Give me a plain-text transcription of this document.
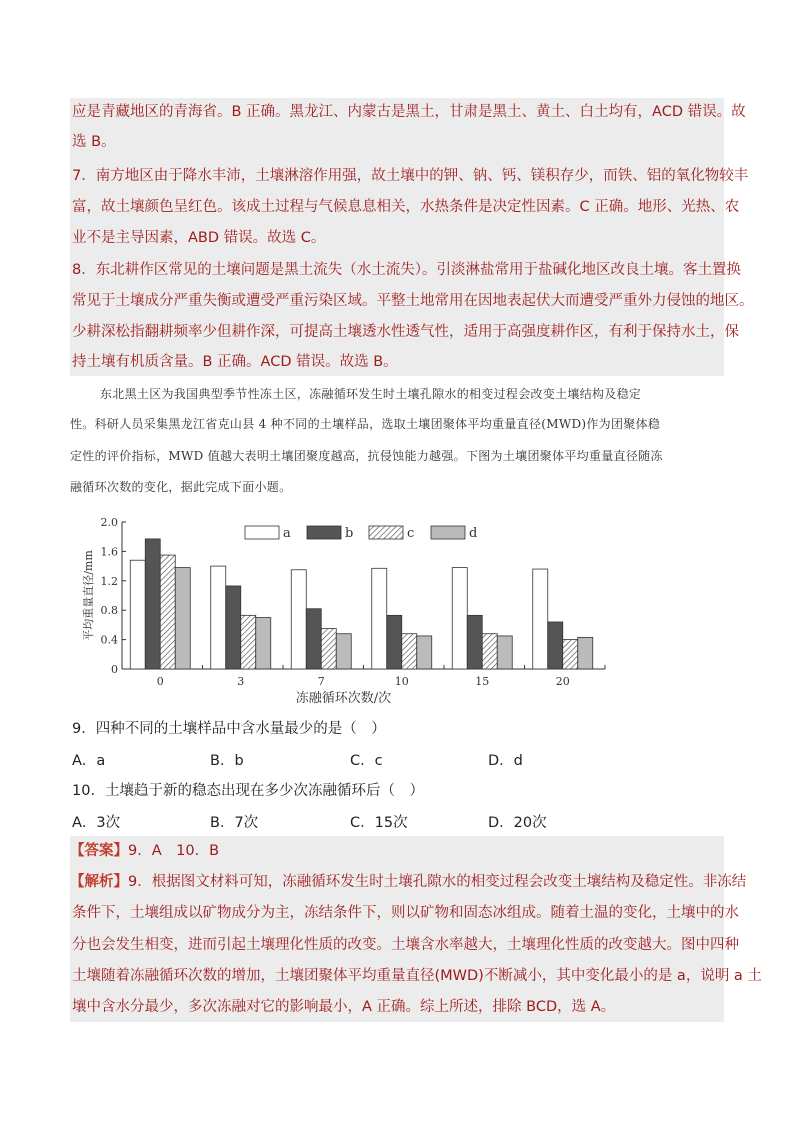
应是青藏地区的青海省。B 正确。黑龙江、内蒙古是黑土，甘肃是黑土、黄土、白土均有，ACD 错误。故
选 B。
7．南方地区由于降水丰沛，土壤淋溶作用强，故土壤中的钾、钠、钙、镁积存少，而铁、铝的氧化物较丰
富，故土壤颜色呈红色。该成土过程与气候息息相关，水热条件是决定性因素。C 正确。地形、光热、农
业不是主导因素，ABD 错误。故选 C。
8．东北耕作区常见的土壤问题是黑土流失（水土流失）。引淡淋盐常用于盐碱化地区改良土壤。客土置换
常见于土壤成分严重失衡或遭受严重污染区域。平整土地常用在因地表起伏大而遭受严重外力侵蚀的地区。
少耕深松指翻耕频率少但耕作深，可提高土壤透水性透气性，适用于高强度耕作区，有利于保持水土，保
持土壤有机质含量。B 正确。ACD 错误。故选 B。
东北黑土区为我国典型季节性冻土区，冻融循环发生时土壤孔隙水的相变过程会改变土壤结构及稳定
性。科研人员采集黑龙江省克山县 4 种不同的土壤样品，选取土壤团聚体平均重量直径(MWD)作为团聚体稳
定性的评价指标，MWD 值越大表明土壤团聚度越高，抗侵蚀能力越强。下图为土壤团聚体平均重量直径随冻
融循环次数的变化，据此完成下面小题。
0
0.4
0.8
1.2
1.6
2.0
平均重量直径/mm
0	3	7	10	15	20
冻融循环次数/次
a	b	c	d
9．四种不同的土壤样品中含水量最少的是（　）
A．a	B．b	C．c	D．d
10．土壤趋于新的稳态出现在多少次冻融循环后（　）
A．3次	B．7次	C．15次	D．20次
【答案】9．A　10．B
【解析】9．根据图文材料可知，冻融循环发生时土壤孔隙水的相变过程会改变土壤结构及稳定性。非冻结
条件下，土壤组成以矿物成分为主，冻结条件下，则以矿物和固态冰组成。随着土温的变化，土壤中的水
分也会发生相变，进而引起土壤理化性质的改变。土壤含水率越大，土壤理化性质的改变越大。图中四种
土壤随着冻融循环次数的增加，土壤团聚体平均重量直径(MWD)不断减小，其中变化最小的是 a，说明 a 土
壤中含水分最少，多次冻融对它的影响最小，A 正确。综上所述，排除 BCD，选 A。
